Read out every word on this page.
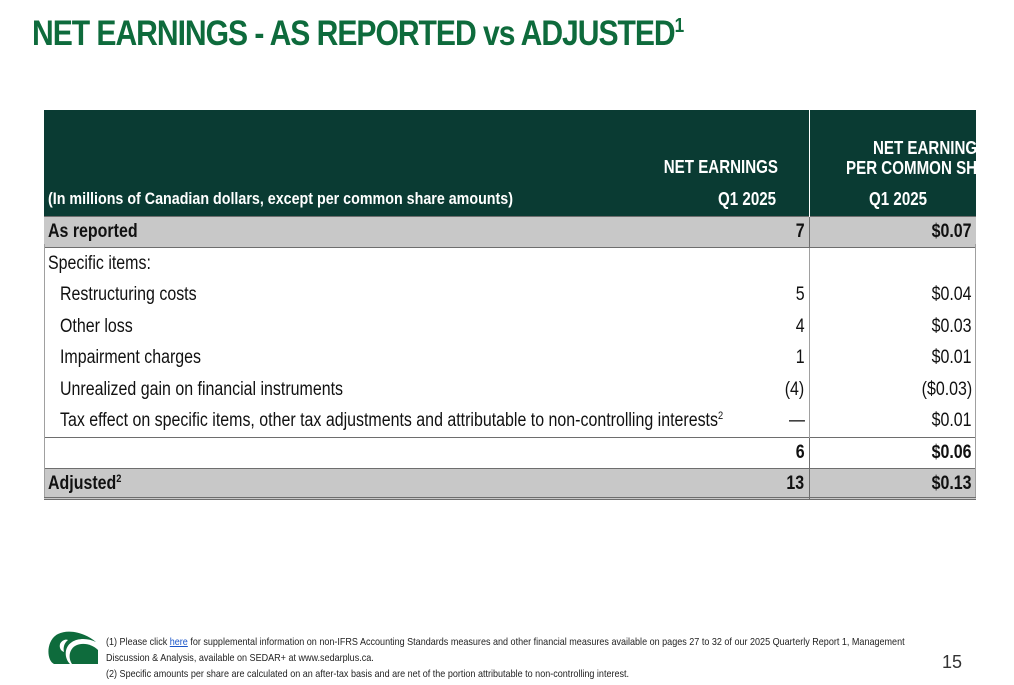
NET EARNINGS - AS REPORTED vs ADJUSTED$^1$
	NET EARNINGS	NET EARNINGS
PER COMMON SHARE$^2$
(In millions of Canadian dollars, except per common share amounts)	Q1 2025	Q1 2025
As reported	7	$0.07
Specific items:		
Restructuring costs	5	$0.04
Other loss	4	$0.03
Impairment charges	1	$0.01
Unrealized gain on financial instruments	(4)	($0.03)
Tax effect on specific items, other tax adjustments and attributable to non-controlling interests$^2$	—	$0.01
	6	$0.06
Adjusted$^2$	13	$0.13
(1) Please click here for supplemental information on non-IFRS Accounting Standards measures and other financial measures available on pages 27 to 32 of our 2025 Quarterly Report 1, Management
Discussion & Analysis, available on SEDAR+ at www.sedarplus.ca.
(2) Specific amounts per share are calculated on an after-tax basis and are net of the portion attributable to non-controlling interest.
15
